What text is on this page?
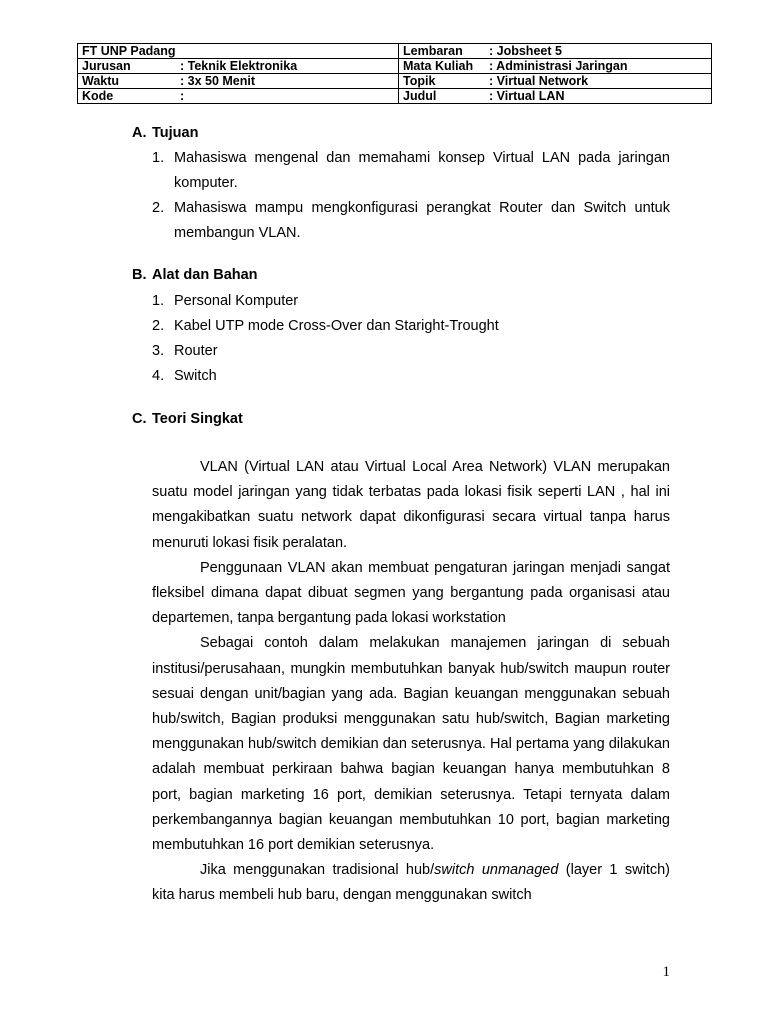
FT UNP Padang	Lembaran : Jobsheet 5

Jurusan : Teknik Elektronika	Mata Kuliah : Administrasi Jaringan

Waktu : 3x 50 Menit	Topik : Virtual Network

Kode :	Judul : Virtual LAN
A. Tujuan
1. Mahasiswa mengenal dan memahami konsep Virtual LAN pada jaringan komputer.
2. Mahasiswa mampu mengkonfigurasi perangkat Router dan Switch untuk membangun VLAN.
B. Alat dan Bahan
1. Personal Komputer
2. Kabel UTP mode Cross-Over dan Staright-Trought
3. Router
4. Switch
C. Teori Singkat

VLAN (Virtual LAN atau Virtual Local Area Network) VLAN merupakan suatu model jaringan yang tidak terbatas pada lokasi fisik seperti LAN , hal ini mengakibatkan suatu network dapat dikonfigurasi secara virtual tanpa harus menuruti lokasi fisik peralatan.

Penggunaan VLAN akan membuat pengaturan jaringan menjadi sangat fleksibel dimana dapat dibuat segmen yang bergantung pada organisasi atau departemen, tanpa bergantung pada lokasi workstation

Sebagai contoh dalam melakukan manajemen jaringan di sebuah institusi/perusahaan, mungkin membutuhkan banyak hub/switch maupun router sesuai dengan unit/bagian yang ada. Bagian keuangan menggunakan sebuah hub/switch, Bagian produksi menggunakan satu hub/switch, Bagian marketing menggunakan hub/switch demikian dan seterusnya. Hal pertama yang dilakukan adalah membuat perkiraan bahwa bagian keuangan hanya membutuhkan 8 port, bagian marketing 16 port, demikian seterusnya. Tetapi ternyata dalam perkembangannya bagian keuangan membutuhkan 10 port, bagian marketing membutuhkan 16 port demikian seterusnya.

Jika menggunakan tradisional hub/switch unmanaged (layer 1 switch) kita harus membeli hub baru, dengan menggunakan switch

1
